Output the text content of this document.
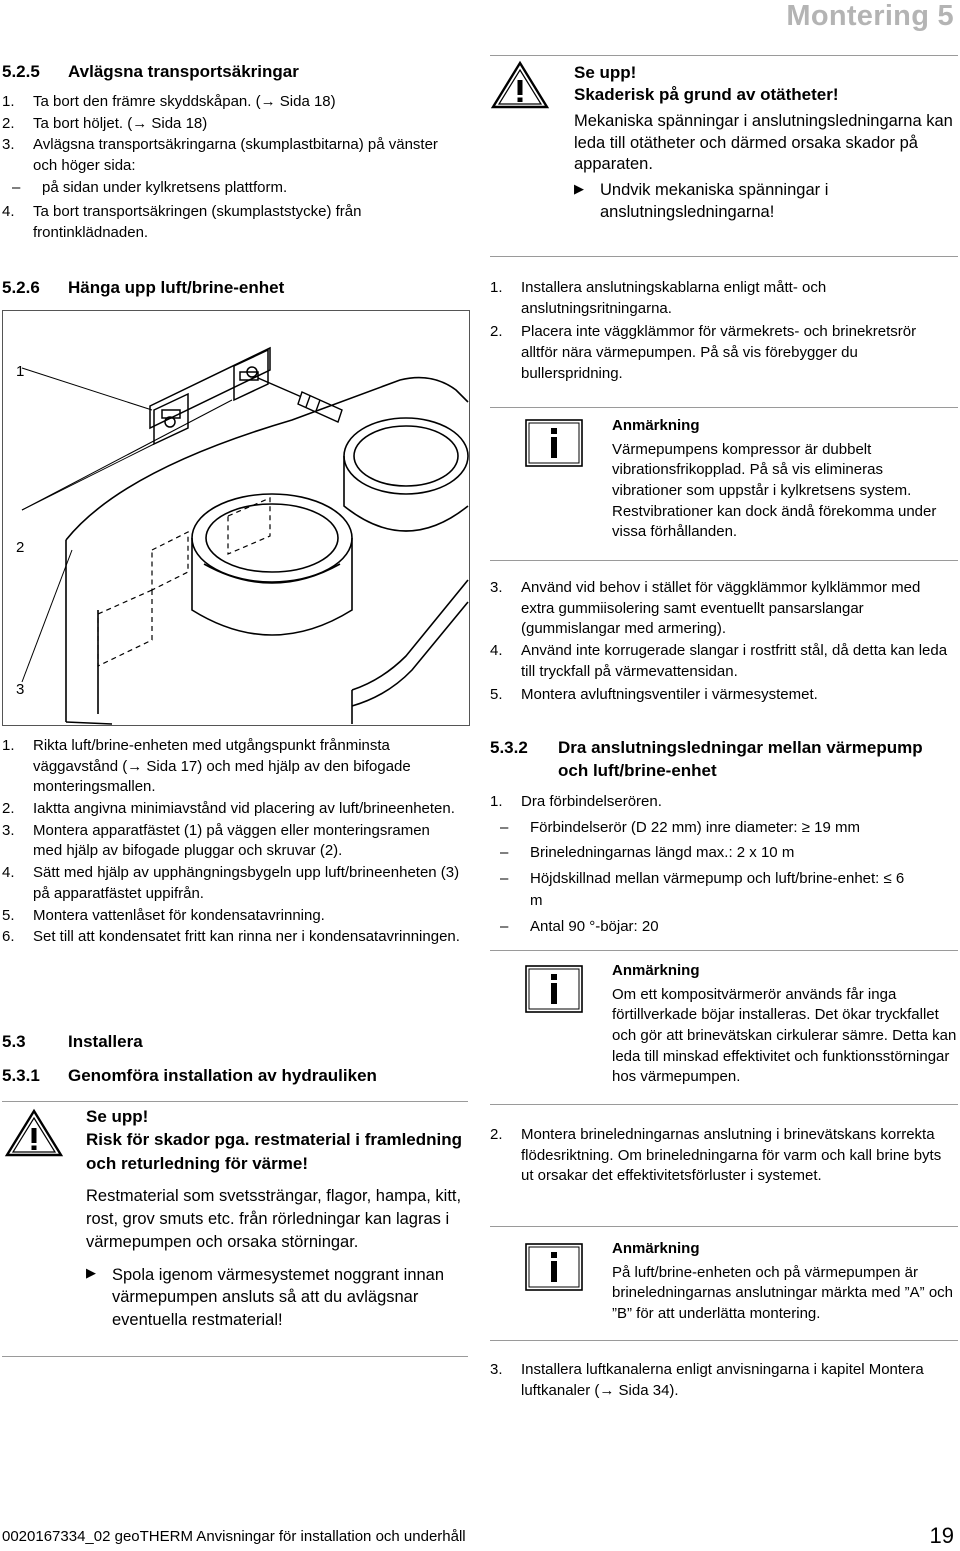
Montering 5
5.2.5 Avlägsna transportsäkringar
1. Ta bort den främre skyddskåpan. (→ Sida 18)
2. Ta bort höljet. (→ Sida 18)
3. Avlägsna transportsäkringarna (skumplastbitarna) på vänster och höger sida:
– på sidan under kylkretsens plattform.
4. Ta bort transportsäkringen (skumplaststycke) från frontinklädnaden.
5.2.6 Hänga upp luft/brine-enhet
1
2
3
1. Rikta luft/brine-enheten med utgångspunkt frånminsta väggavstånd (→ Sida 17) och med hjälp av den bifogade monteringsmallen.
2. Iaktta angivna minimiavstånd vid placering av luft/brineenheten.
3. Montera apparatfästet (1) på väggen eller monteringsramen med hjälp av bifogade pluggar och skruvar (2).
4. Sätt med hjälp av upphängningsbygeln upp luft/brineenheten (3) på apparatfästet uppifrån.
5. Montera vattenlåset för kondensatavrinning.
6. Set till att kondensatet fritt kan rinna ner i kondensatavrinningen.
5.3 Installera
5.3.1 Genomföra installation av hydrauliken
Se upp!
Risk för skador pga. restmaterial i framledning och returledning för värme!
Restmaterial som svetssträngar, flagor, hampa, kitt, rost, grov smuts etc. från rörledningar kan lagras i värmepumpen och orsaka störningar.
▶ Spola igenom värmesystemet noggrant innan värmepumpen ansluts så att du avlägsnar eventuella restmaterial!
Se upp!
Skaderisk på grund av otätheter!
Mekaniska spänningar i anslutningsledningarna kan leda till otätheter och därmed orsaka skador på apparaten.
▶ Undvik mekaniska spänningar i anslutningsledningarna!
1. Installera anslutningskablarna enligt mått- och anslutningsritningarna.
2. Placera inte väggklämmor för värmekrets- och brinekretsrör alltför nära värmepumpen. På så vis förebygger du bullerspridning.
Anmärkning
Värmepumpens kompressor är dubbelt vibrationsfrikopplad. På så vis elimineras vibrationer som uppstår i kylkretsens system. Restvibrationer kan dock ändå förekomma under vissa förhållanden.
3. Använd vid behov i stället för väggklämmor kylklämmor med extra gummiisolering samt eventuellt pansarslangar (gummislangar med armering).
4. Använd inte korrugerade slangar i rostfritt stål, då detta kan leda till tryckfall på värmevattensidan.
5. Montera avluftningsventiler i värmesystemet.
5.3.2 Dra anslutningsledningar mellan värmepump och luft/brine-enhet
1. Dra förbindelserören.
– Förbindelserör (D 22 mm) inre diameter: ≥ 19 mm
– Brineledningarnas längd max.: 2 x 10 m
– Höjdskillnad mellan värmepump och luft/brine-enhet: ≤ 6 m
– Antal 90 °-böjar: 20
Anmärkning
Om ett kompositvärmerör används får inga förtillverkade böjar installeras. Det ökar tryckfallet och gör att brinevätskan cirkulerar sämre. Detta kan leda till minskad effektivitet och funktionsstörningar hos värmepumpen.
2. Montera brineledningarnas anslutning i brinevätskans korrekta flödesriktning. Om brineledningarna för varm och kall brine byts ut orsakar det effektivitetsförluster i systemet.
Anmärkning
På luft/brine-enheten och på värmepumpen är brineledningarnas anslutningar märkta med ”A” och ”B” för att underlätta montering.
3. Installera luftkanalerna enligt anvisningarna i kapitel Montera luftkanaler (→ Sida 34).
0020167334_02 geoTHERM Anvisningar för installation och underhåll	19
